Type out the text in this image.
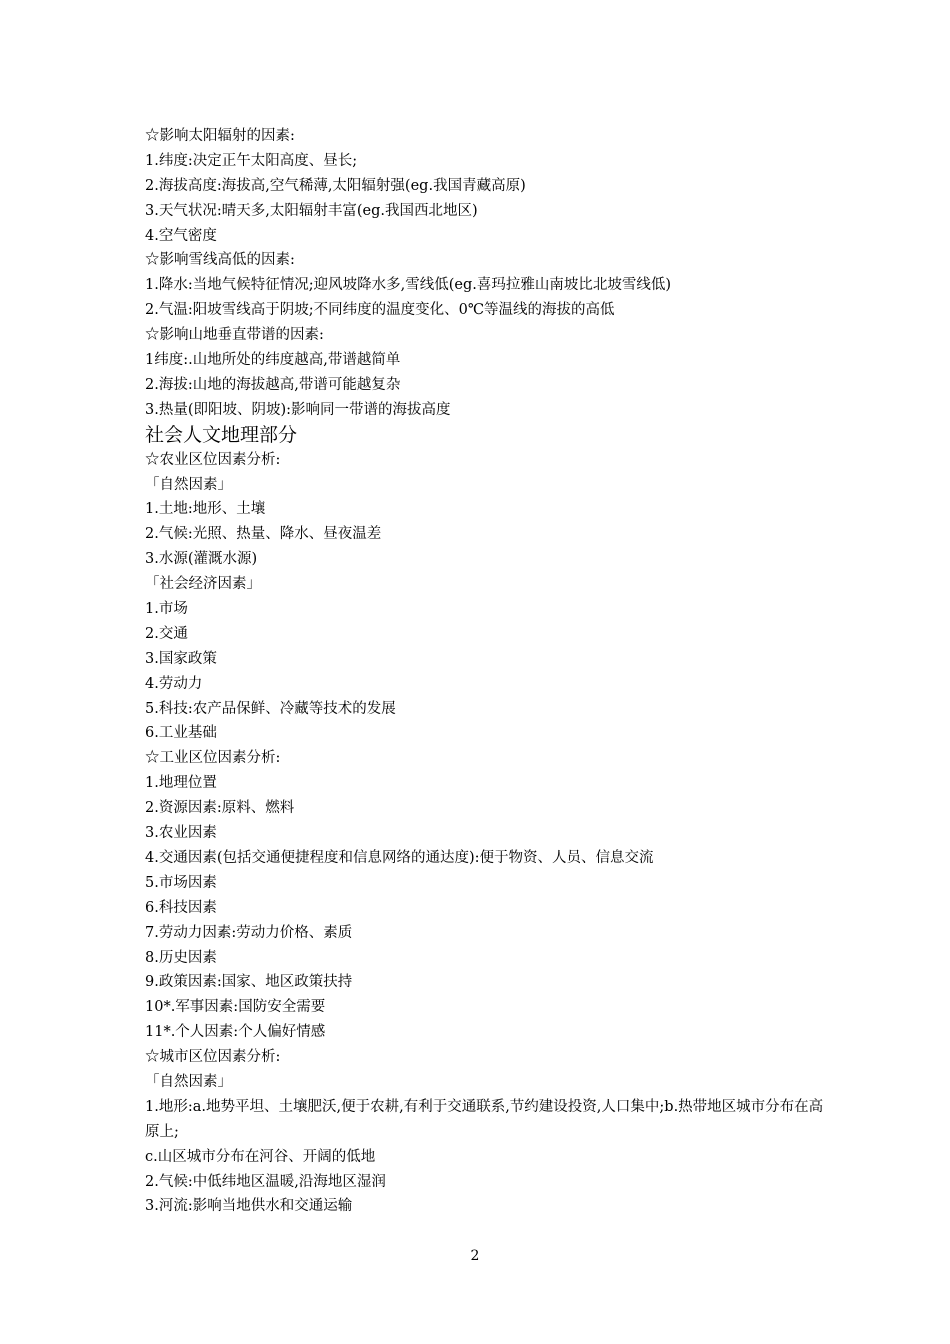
☆影响太阳辐射的因素:
1.纬度:决定正午太阳高度、昼长;
2.海拔高度:海拔高,空气稀薄,太阳辐射强(eg.我国青藏高原)
3.天气状况:晴天多,太阳辐射丰富(eg.我国西北地区)
4.空气密度
☆影响雪线高低的因素:
1.降水:当地气候特征情况;迎风坡降水多,雪线低(eg.喜玛拉雅山南坡比北坡雪线低)
2.气温:阳坡雪线高于阴坡;不同纬度的温度变化、0℃等温线的海拔的高低
☆影响山地垂直带谱的因素:
1纬度:.山地所处的纬度越高,带谱越简单
2.海拔:山地的海拔越高,带谱可能越复杂
3.热量(即阳坡、阴坡):影响同一带谱的海拔高度
社会人文地理部分
☆农业区位因素分析:
「自然因素」
1.土地:地形、土壤
2.气候:光照、热量、降水、昼夜温差
3.水源(灌溉水源)
「社会经济因素」
1.市场
2.交通
3.国家政策
4.劳动力
5.科技:农产品保鲜、冷藏等技术的发展
6.工业基础
☆工业区位因素分析:
1.地理位置
2.资源因素:原料、燃料
3.农业因素
4.交通因素(包括交通便捷程度和信息网络的通达度):便于物资、人员、信息交流
5.市场因素
6.科技因素
7.劳动力因素:劳动力价格、素质
8.历史因素
9.政策因素:国家、地区政策扶持
10*.军事因素:国防安全需要
11*.个人因素:个人偏好情感
☆城市区位因素分析:
「自然因素」
1.地形:a.地势平坦、土壤肥沃,便于农耕,有利于交通联系,节约建设投资,人口集中;b.热带地区城市分布在高原上;
c.山区城市分布在河谷、开阔的低地
2.气候:中低纬地区温暖,沿海地区湿润
3.河流:影响当地供水和交通运输
2
